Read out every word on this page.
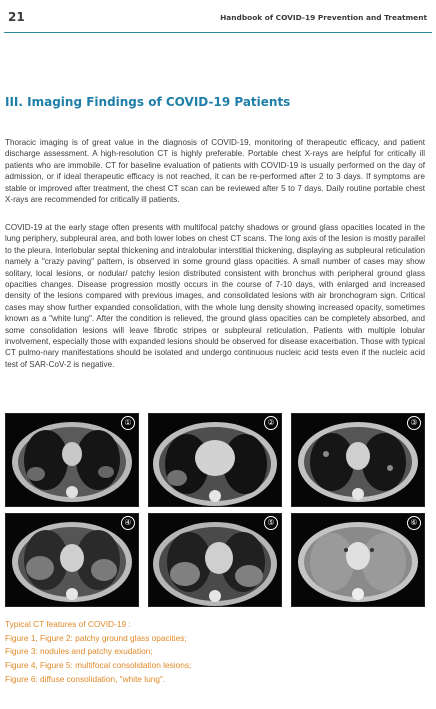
21	Handbook of COVID-19 Prevention and Treatment
III. Imaging Findings of COVID-19 Patients

Thoracic imaging is of great value in the diagnosis of COVID-19, monitoring of therapeutic efficacy, and patient discharge assessment. A high-resolution CT is highly preferable. Portable chest X-rays are helpful for critically ill patients who are immobile. CT for baseline evaluation of patients with COVID-19 is usually performed on the day of admission, or if ideal therapeutic efficacy is not reached, it can be re-performed after 2 to 3 days. If symptoms are stable or improved after treatment, the chest CT scan can be reviewed after 5 to 7 days. Daily routine portable chest X-rays are recommended for critically ill patients.

COVID-19 at the early stage often presents with multifocal patchy shadows or ground glass opacities located in the lung periphery, subpleural area, and both lower lobes on chest CT scans. The long axis of the lesion is mostly parallel to the pleura. Interlobular septal thickening and intralobular interstitial thickening, displaying as subpleural reticulation namely a "crazy paving" pattern, is observed in some ground glass opacities. A small number of cases may show solitary, local lesions, or nodular/ patchy lesion distributed consistent with bronchus with peripheral ground glass opacities changes. Disease progression mostly occurs in the course of 7-10 days, with enlarged and increased density of the lesions compared with previous images, and consolidated lesions with air bronchogram sign. Critical cases may show further expanded consolidation, with the whole lung density showing increased opacity, sometimes known as a "white lung". After the condition is relieved, the ground glass opacities can be completely absorbed, and some consolidation lesions will leave fibrotic stripes or subpleural reticulation. Patients with multiple lobular involvement, especially those with expanded lesions should be observed for disease exacerbation. Those with typical CT pulmo-nary manifestations should be isolated and undergo continuous nucleic acid tests even if the nucleic acid test of SAR-CoV-2 is negative.

①	②	③
④	⑤	⑥
Typical CT features of COVID-19 :
Figure 1, Figure 2: patchy ground glass opacities;
Figure 3: nodules and patchy exudation;
Figure 4, Figure 5: multifocal consolidation lesions;
Figure 6: diffuse consolidation, "white lung".
